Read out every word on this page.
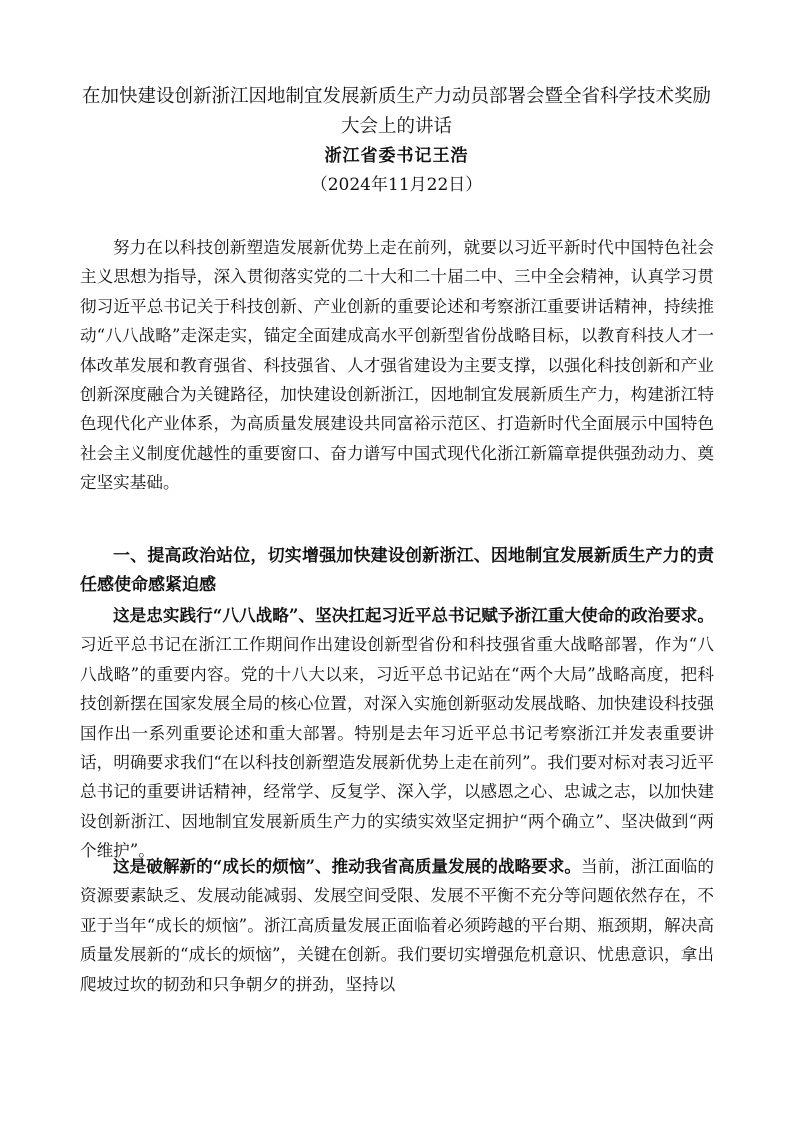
在加快建设创新浙江因地制宜发展新质生产力动员部署会暨全省科学技术奖励
大会上的讲话
浙江省委书记王浩
（2024年11月22日）

努力在以科技创新塑造发展新优势上走在前列，就要以习近平新时代中国特色社会主义思想为指导，深入贯彻落实党的二十大和二十届二中、三中全会精神，认真学习贯彻习近平总书记关于科技创新、产业创新的重要论述和考察浙江重要讲话精神，持续推动“八八战略”走深走实，锚定全面建成高水平创新型省份战略目标，以教育科技人才一体改革发展和教育强省、科技强省、人才强省建设为主要支撑，以强化科技创新和产业创新深度融合为关键路径，加快建设创新浙江，因地制宜发展新质生产力，构建浙江特色现代化产业体系，为高质量发展建设共同富裕示范区、打造新时代全面展示中国特色社会主义制度优越性的重要窗口、奋力谱写中国式现代化浙江新篇章提供强劲动力、奠定坚实基础。

一、提高政治站位，切实增强加快建设创新浙江、因地制宜发展新质生产力的责任感使命感紧迫感

这是忠实践行“八八战略”、坚决扛起习近平总书记赋予浙江重大使命的政治要求。习近平总书记在浙江工作期间作出建设创新型省份和科技强省重大战略部署，作为“八八战略”的重要内容。党的十八大以来，习近平总书记站在“两个大局”战略高度，把科技创新摆在国家发展全局的核心位置，对深入实施创新驱动发展战略、加快建设科技强国作出一系列重要论述和重大部署。特别是去年习近平总书记考察浙江并发表重要讲话，明确要求我们“在以科技创新塑造发展新优势上走在前列”。我们要对标对表习近平总书记的重要讲话精神，经常学、反复学、深入学，以感恩之心、忠诚之志，以加快建设创新浙江、因地制宜发展新质生产力的实绩实效坚定拥护“两个确立”、坚决做到“两个维护”。

这是破解新的“成长的烦恼”、推动我省高质量发展的战略要求。当前，浙江面临的资源要素缺乏、发展动能减弱、发展空间受限、发展不平衡不充分等问题依然存在，不亚于当年“成长的烦恼”。浙江高质量发展正面临着必须跨越的平台期、瓶颈期，解决高质量发展新的“成长的烦恼”，关键在创新。我们要切实增强危机意识、忧患意识，拿出爬坡过坎的韧劲和只争朝夕的拼劲，坚持以
